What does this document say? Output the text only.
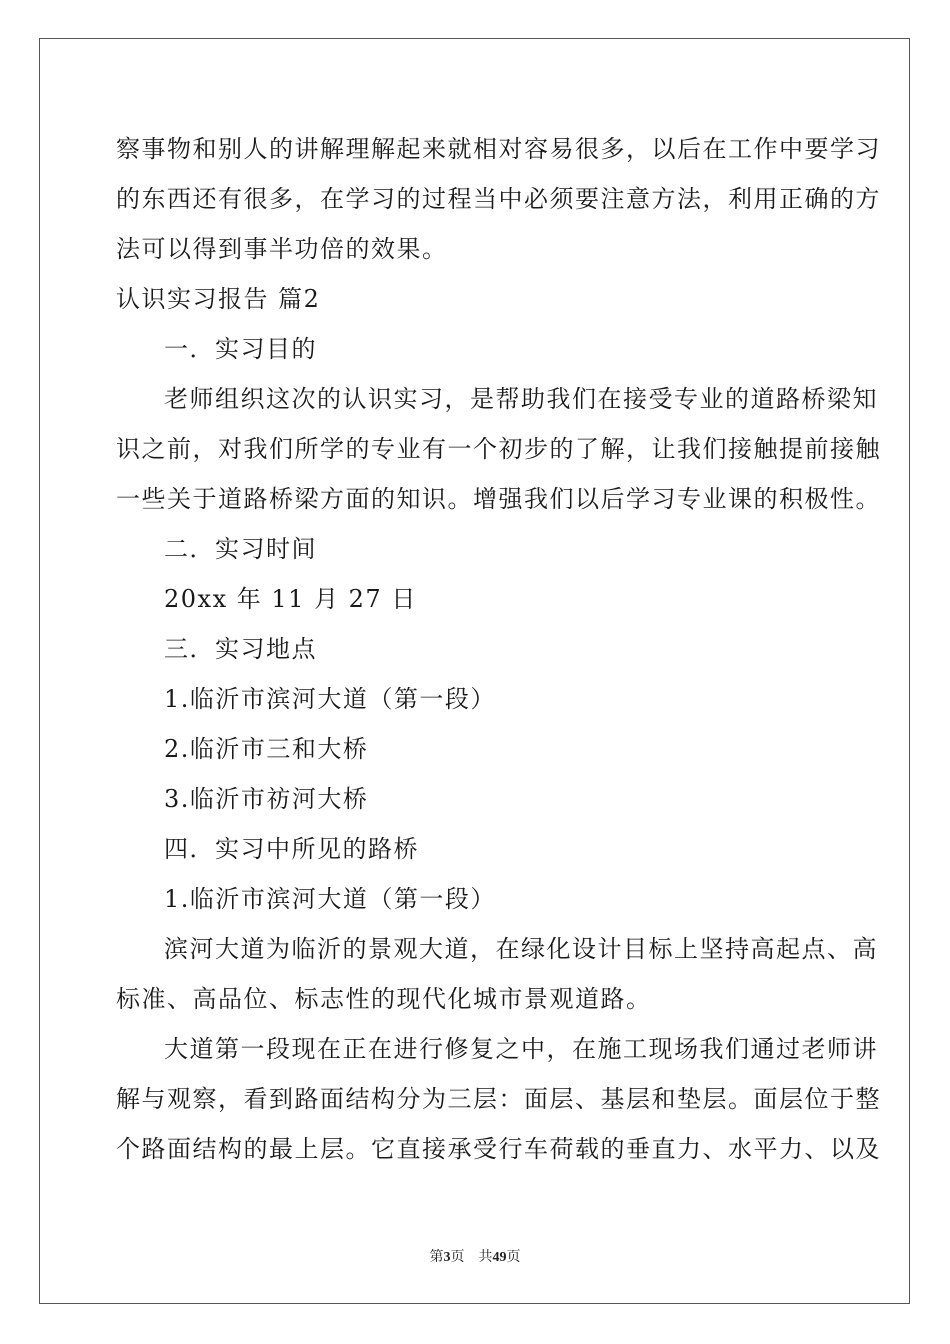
察事物和别人的讲解理解起来就相对容易很多，以后在工作中要学习
的东西还有很多，在学习的过程当中必须要注意方法，利用正确的方
法可以得到事半功倍的效果。
认识实习报告 篇2
一．实习目的
老师组织这次的认识实习，是帮助我们在接受专业的道路桥梁知
识之前，对我们所学的专业有一个初步的了解，让我们接触提前接触
一些关于道路桥梁方面的知识。增强我们以后学习专业课的积极性。
二．实习时间
20xx 年 11 月 27 日
三．实习地点
1.临沂市滨河大道（第一段）
2.临沂市三和大桥
3.临沂市祊河大桥
四．实习中所见的路桥
1.临沂市滨河大道（第一段）
滨河大道为临沂的景观大道，在绿化设计目标上坚持高起点、高
标准、高品位、标志性的现代化城市景观道路。
大道第一段现在正在进行修复之中，在施工现场我们通过老师讲
解与观察，看到路面结构分为三层：面层、基层和垫层。面层位于整
个路面结构的最上层。它直接承受行车荷载的垂直力、水平力、以及
第3页 共49页
